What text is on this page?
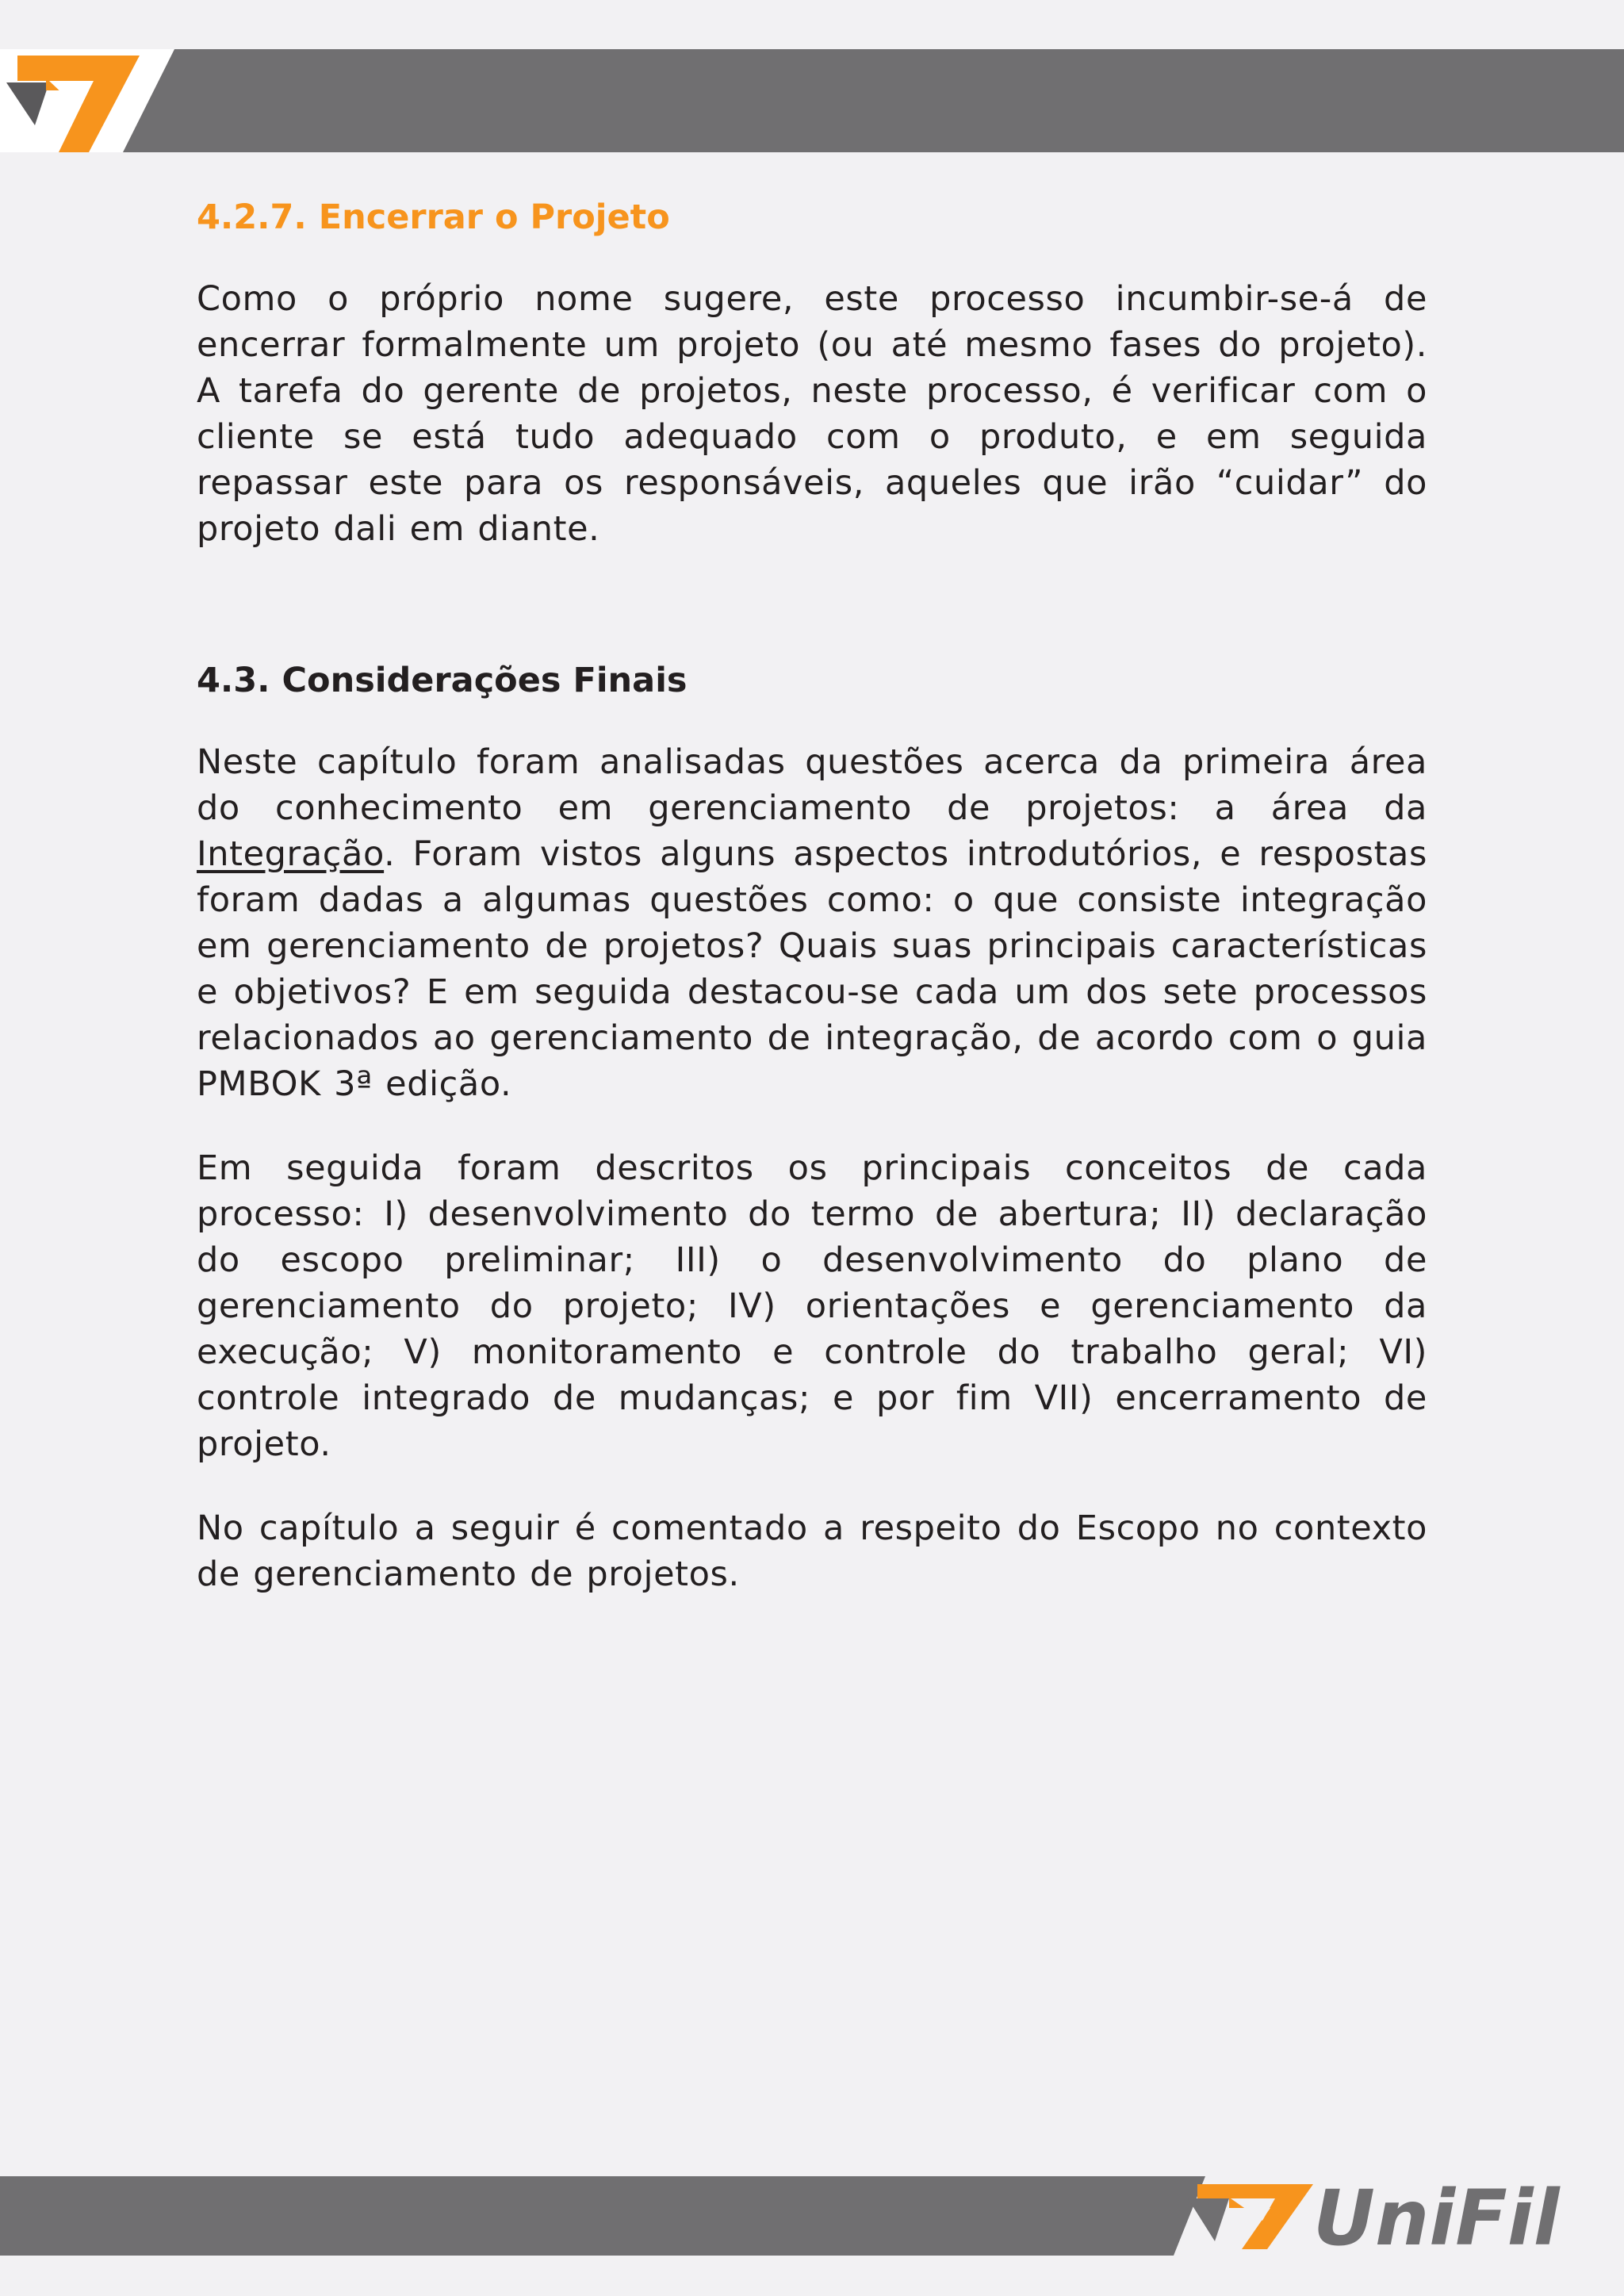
4.2.7. Encerrar o Projeto

Como o próprio nome sugere, este processo incumbir-se-á de encerrar formalmente um projeto (ou até mesmo fases do projeto). A tarefa do gerente de projetos, neste processo, é verificar com o cliente se está tudo adequado com o produto, e em seguida repassar este para os responsáveis, aqueles que irão “cuidar” do projeto dali em diante.

4.3. Considerações Finais

Neste capítulo foram analisadas questões acerca da primeira área do conhecimento em gerenciamento de projetos: a área da Integração. Foram vistos alguns aspectos introdutórios, e respostas foram dadas a algumas questões como: o que consiste integração em gerenciamento de projetos? Quais suas principais características e objetivos? E em seguida destacou-se cada um dos sete processos relacionados ao gerenciamento de integração, de acordo com o guia PMBOK 3ª edição.

Em seguida foram descritos os principais conceitos de cada processo: I) desenvolvimento do termo de abertura; II) declaração do escopo preliminar; III) o desenvolvimento do plano de gerenciamento do projeto; IV) orientações e gerenciamento da execução; V) monitoramento e controle do trabalho geral; VI) controle integrado de mudanças; e por fim VII) encerramento de projeto.

No capítulo a seguir é comentado a respeito do Escopo no contexto de gerenciamento de projetos.

UniFil
